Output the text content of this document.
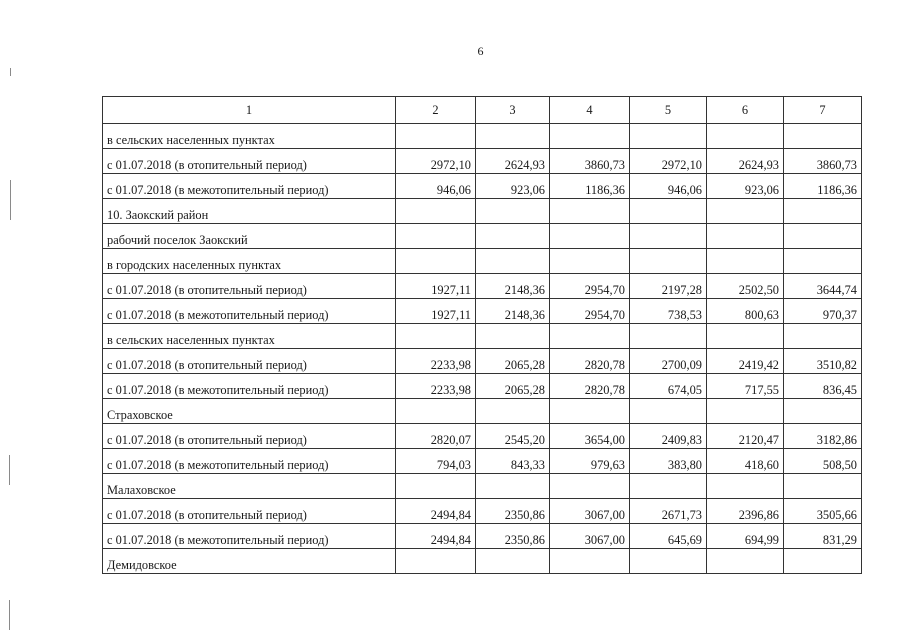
6
1	2	3	4	5	6	7
в сельских населенных пунктах						
с 01.07.2018 (в отопительный период)	2972,10	2624,93	3860,73	2972,10	2624,93	3860,73
с 01.07.2018 (в межотопительный период)	946,06	923,06	1186,36	946,06	923,06	1186,36
10. Заокский район						
рабочий поселок Заокский						
в городских населенных пунктах						
с 01.07.2018 (в отопительный период)	1927,11	2148,36	2954,70	2197,28	2502,50	3644,74
с 01.07.2018 (в межотопительный период)	1927,11	2148,36	2954,70	738,53	800,63	970,37
в сельских населенных пунктах						
с 01.07.2018 (в отопительный период)	2233,98	2065,28	2820,78	2700,09	2419,42	3510,82
с 01.07.2018 (в межотопительный период)	2233,98	2065,28	2820,78	674,05	717,55	836,45
Страховское						
с 01.07.2018 (в отопительный период)	2820,07	2545,20	3654,00	2409,83	2120,47	3182,86
с 01.07.2018 (в межотопительный период)	794,03	843,33	979,63	383,80	418,60	508,50
Малаховское						
с 01.07.2018 (в отопительный период)	2494,84	2350,86	3067,00	2671,73	2396,86	3505,66
с 01.07.2018 (в межотопительный период)	2494,84	2350,86	3067,00	645,69	694,99	831,29
Демидовское						
